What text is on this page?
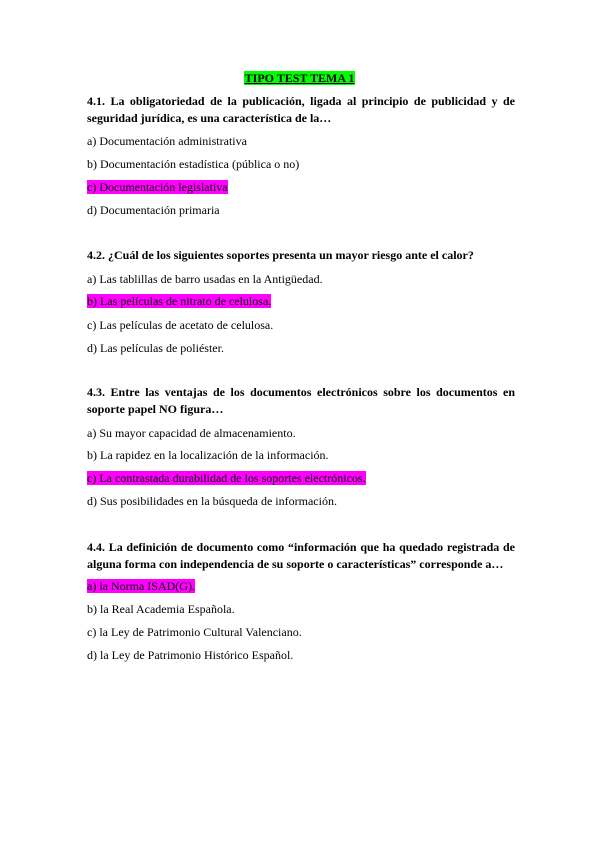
TIPO TEST TEMA 1
4.1. La obligatoriedad de la publicación, ligada al principio de publicidad y de seguridad jurídica, es una característica de la…
a) Documentación administrativa
b) Documentación estadística (pública o no)
c) Documentación legislativa
d) Documentación primaria
4.2. ¿Cuál de los siguientes soportes presenta un mayor riesgo ante el calor?
a) Las tablillas de barro usadas en la Antigüedad.
b) Las películas de nitrato de celulosa.
c) Las películas de acetato de celulosa.
d) Las películas de poliéster.
4.3. Entre las ventajas de los documentos electrónicos sobre los documentos en soporte papel NO figura…
a) Su mayor capacidad de almacenamiento.
b) La rapidez en la localización de la información.
c) La contrastada durabilidad de los soportes electrónicos.
d) Sus posibilidades en la búsqueda de información.
4.4. La definición de documento como “información que ha quedado registrada de alguna forma con independencia de su soporte o características” corresponde a…
a) la Norma ISAD(G).
b) la Real Academia Española.
c) la Ley de Patrimonio Cultural Valenciano.
d) la Ley de Patrimonio Histórico Español.
